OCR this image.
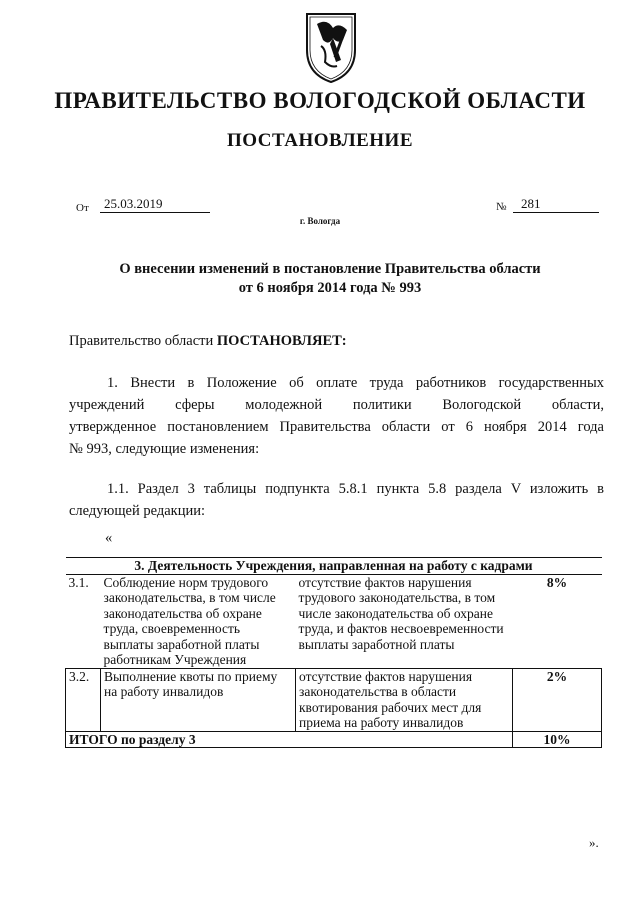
ПРАВИТЕЛЬСТВО ВОЛОГОДСКОЙ ОБЛАСТИ
ПОСТАНОВЛЕНИЕ
От	25.03.2019	№	281
г. Вологда
О внесении изменений в постановление Правительства области
от 6 ноября 2014 года № 993
Правительство области ПОСТАНОВЛЯЕТ:
1. Внести в Положение об оплате труда работников государственных
учреждений сферы молодежной политики Вологодской области,
утвержденное постановлением Правительства области от 6 ноября 2014 года
№ 993, следующие изменения:
1.1. Раздел 3 таблицы подпункта 5.8.1 пункта 5.8 раздела V изложить в
следующей редакции:
«
3. Деятельность Учреждения, направленная на работу с кадрами			
3.1.	Соблюдение норм трудового законодательства, в том числе законодательства об охране труда, своевременность выплаты заработной платы работникам Учреждения	отсутствие фактов нарушения трудового законодательства, в том числе законодательства об охране труда, и фактов несвоевременности выплаты заработной платы	8%
3.2.	Выполнение квоты по приему на работу инвалидов	отсутствие фактов нарушения законодательства в области квотирования рабочих мест для приема на работу инвалидов	2%
ИТОГО по разделу 3			10%
».
